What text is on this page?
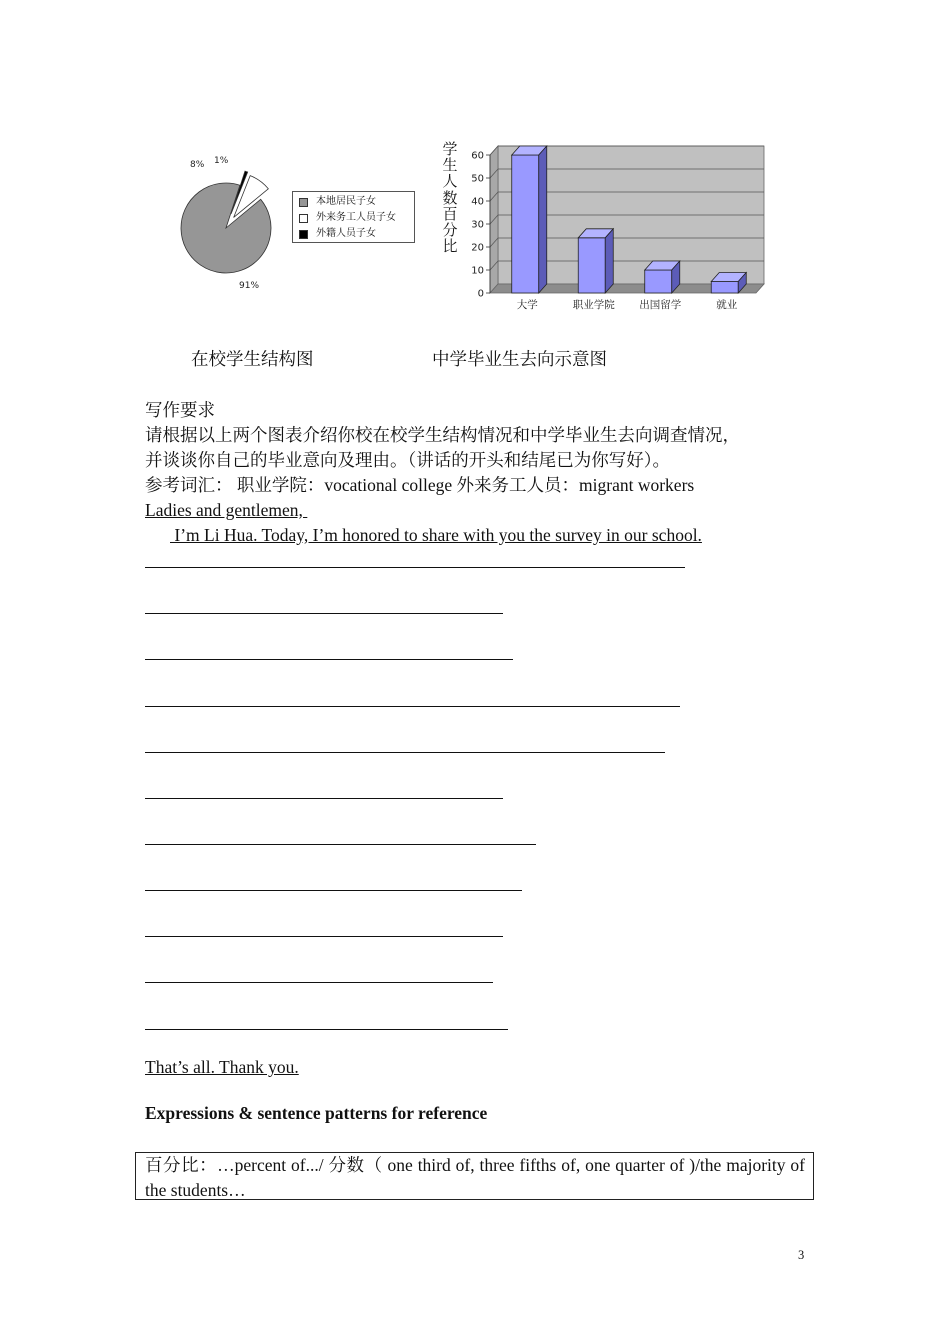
8% 1%
91%
本地居民子女
外来务工人员子女
外籍人员子女
学
生
人
数
百
分
比
0
10
20
30
40
50
60
大学	职业学院 出国留学	就业
在校学生结构图	中学毕业生去向示意图
写作要求
请根据以上两个图表介绍你校在校学生结构情况和中学毕业生去向调查情况，
并谈谈你自己的毕业意向及理由。（讲话的开头和结尾已为你写好）。
参考词汇： 职业学院：vocational college 外来务工人员：migrant workers
Ladies and gentlemen,
I’m Li Hua. Today, I’m honored to share with you the survey in our school.
That’s all. Thank you.
Expressions & sentence patterns for reference
百分比：…percent of.../ 分数（ one third of, three fifths of, one quarter of )/the majority of the students…
3
